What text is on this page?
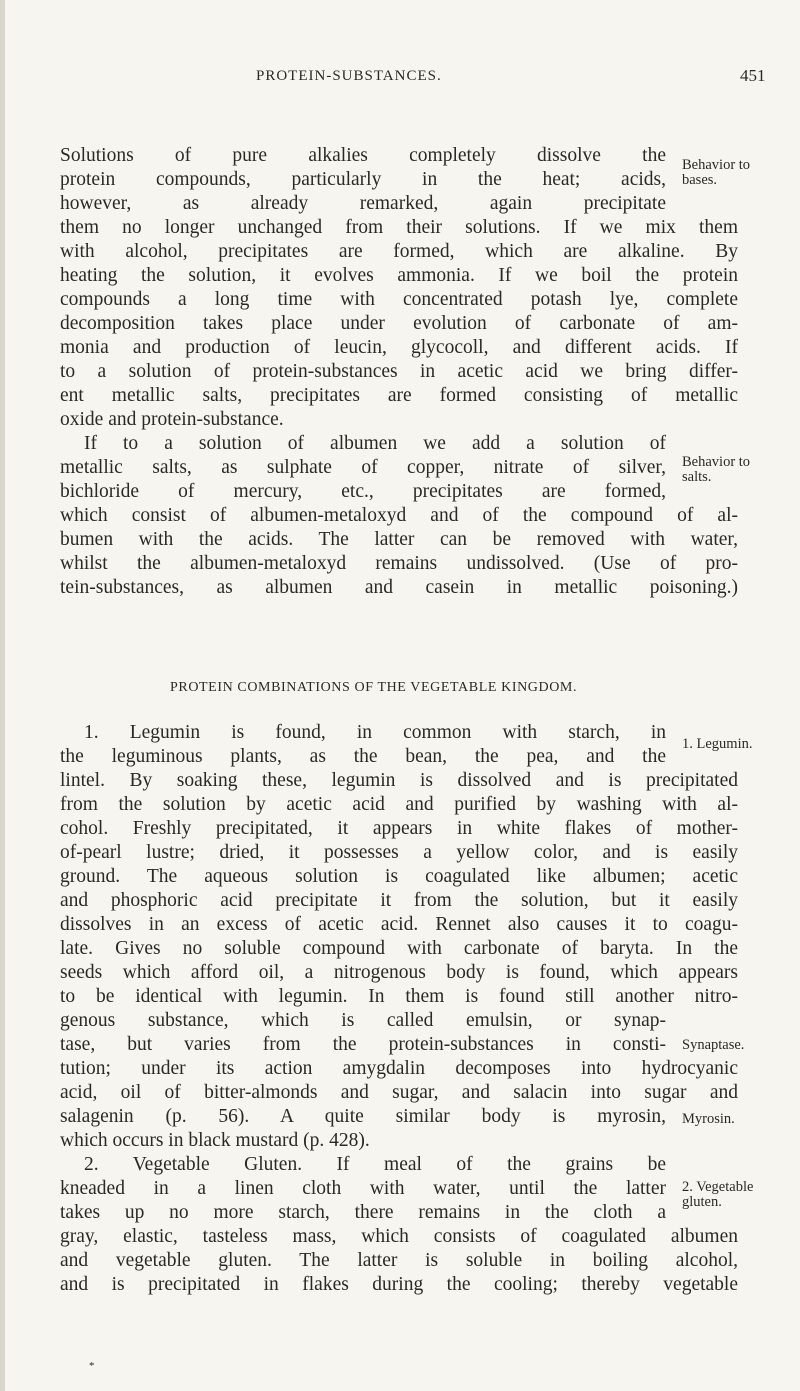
PROTEIN-SUBSTANCES.	451
Solutions of pure alkalies completely dissolve the
protein compounds, particularly in the heat; acids,
however, as already remarked, again precipitate
them no longer unchanged from their solutions. If we mix them
with alcohol, precipitates are formed, which are alkaline. By
heating the solution, it evolves ammonia. If we boil the protein
compounds a long time with concentrated potash lye, complete
decomposition takes place under evolution of carbonate of am-
monia and production of leucin, glycocoll, and different acids. If
to a solution of protein-substances in acetic acid we bring differ-
ent metallic salts, precipitates are formed consisting of metallic
oxide and protein-substance.
If to a solution of albumen we add a solution of
metallic salts, as sulphate of copper, nitrate of silver,
bichloride of mercury, etc., precipitates are formed,
which consist of albumen-metaloxyd and of the compound of al-
bumen with the acids. The latter can be removed with water,
whilst the albumen-metaloxyd remains undissolved. (Use of pro-
tein-substances, as albumen and casein in metallic poisoning.)
PROTEIN COMBINATIONS OF THE VEGETABLE KINGDOM.
1. Legumin is found, in common with starch, in
the leguminous plants, as the bean, the pea, and the
lintel. By soaking these, legumin is dissolved and is precipitated
from the solution by acetic acid and purified by washing with al-
cohol. Freshly precipitated, it appears in white flakes of mother-
of-pearl lustre; dried, it possesses a yellow color, and is easily
ground. The aqueous solution is coagulated like albumen; acetic
and phosphoric acid precipitate it from the solution, but it easily
dissolves in an excess of acetic acid. Rennet also causes it to coagu-
late. Gives no soluble compound with carbonate of baryta. In the
seeds which afford oil, a nitrogenous body is found, which appears
to be identical with legumin. In them is found still another nitro-
genous substance, which is called emulsin, or synap-
tase, but varies from the protein-substances in consti-
tution; under its action amygdalin decomposes into hydrocyanic
acid, oil of bitter-almonds and sugar, and salacin into sugar and
salagenin (p. 56). A quite similar body is myrosin,
which occurs in black mustard (p. 428).
2. Vegetable Gluten. If meal of the grains be
kneaded in a linen cloth with water, until the latter
takes up no more starch, there remains in the cloth a
gray, elastic, tasteless mass, which consists of coagulated albumen
and vegetable gluten. The latter is soluble in boiling alcohol,
and is precipitated in flakes during the cooling; thereby vegetable
Behavior to bases.
Behavior to salts.
1. Legumin.
Synaptase.
Myrosin.
2. Vegetable gluten.
*
